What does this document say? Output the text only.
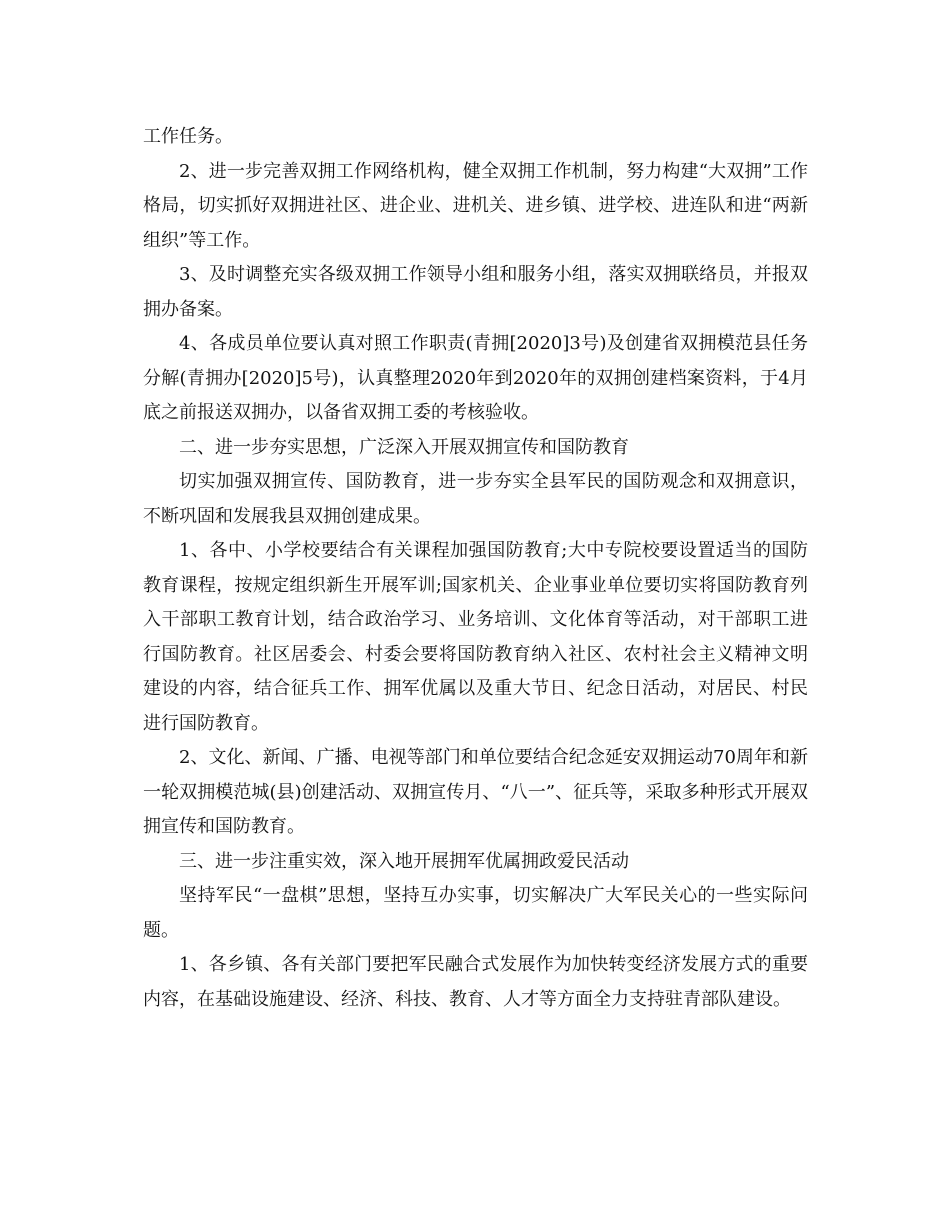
工作任务。

2、进一步完善双拥工作网络机构，健全双拥工作机制，努力构建“大双拥”工作格局，切实抓好双拥进社区、进企业、进机关、进乡镇、进学校、进连队和进“两新组织”等工作。

3、及时调整充实各级双拥工作领导小组和服务小组，落实双拥联络员，并报双拥办备案。

4、各成员单位要认真对照工作职责(青拥[2020]3号)及创建省双拥模范县任务分解(青拥办[2020]5号)，认真整理2020年到2020年的双拥创建档案资料，于4月底之前报送双拥办，以备省双拥工委的考核验收。

二、进一步夯实思想，广泛深入开展双拥宣传和国防教育

切实加强双拥宣传、国防教育，进一步夯实全县军民的国防观念和双拥意识，不断巩固和发展我县双拥创建成果。

1、各中、小学校要结合有关课程加强国防教育;大中专院校要设置适当的国防教育课程，按规定组织新生开展军训;国家机关、企业事业单位要切实将国防教育列入干部职工教育计划，结合政治学习、业务培训、文化体育等活动，对干部职工进行国防教育。社区居委会、村委会要将国防教育纳入社区、农村社会主义精神文明建设的内容，结合征兵工作、拥军优属以及重大节日、纪念日活动，对居民、村民进行国防教育。

2、文化、新闻、广播、电视等部门和单位要结合纪念延安双拥运动70周年和新一轮双拥模范城(县)创建活动、双拥宣传月、“八一”、征兵等，采取多种形式开展双拥宣传和国防教育。

三、进一步注重实效，深入地开展拥军优属拥政爱民活动

坚持军民“一盘棋”思想，坚持互办实事，切实解决广大军民关心的一些实际问题。

1、各乡镇、各有关部门要把军民融合式发展作为加快转变经济发展方式的重要内容，在基础设施建设、经济、科技、教育、人才等方面全力支持驻青部队建设。
